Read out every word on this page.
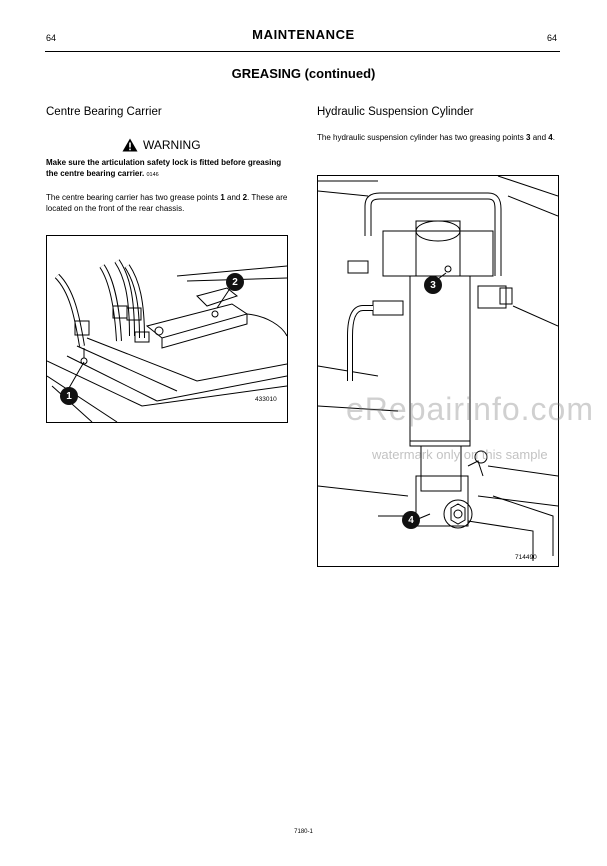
64	MAINTENANCE	64
GREASING (continued)
Centre Bearing Carrier
WARNING
Make sure the articulation safety lock is fitted before greasing the centre bearing carrier. 0146
The centre bearing carrier has two grease points 1 and 2. These are located on the front of the rear chassis.
1
2
433010
Hydraulic Suspension Cylinder
The hydraulic suspension cylinder has two greasing points 3 and 4.
3
4
714490
eRepairinfo.com
watermark only on this sample
7180-1
